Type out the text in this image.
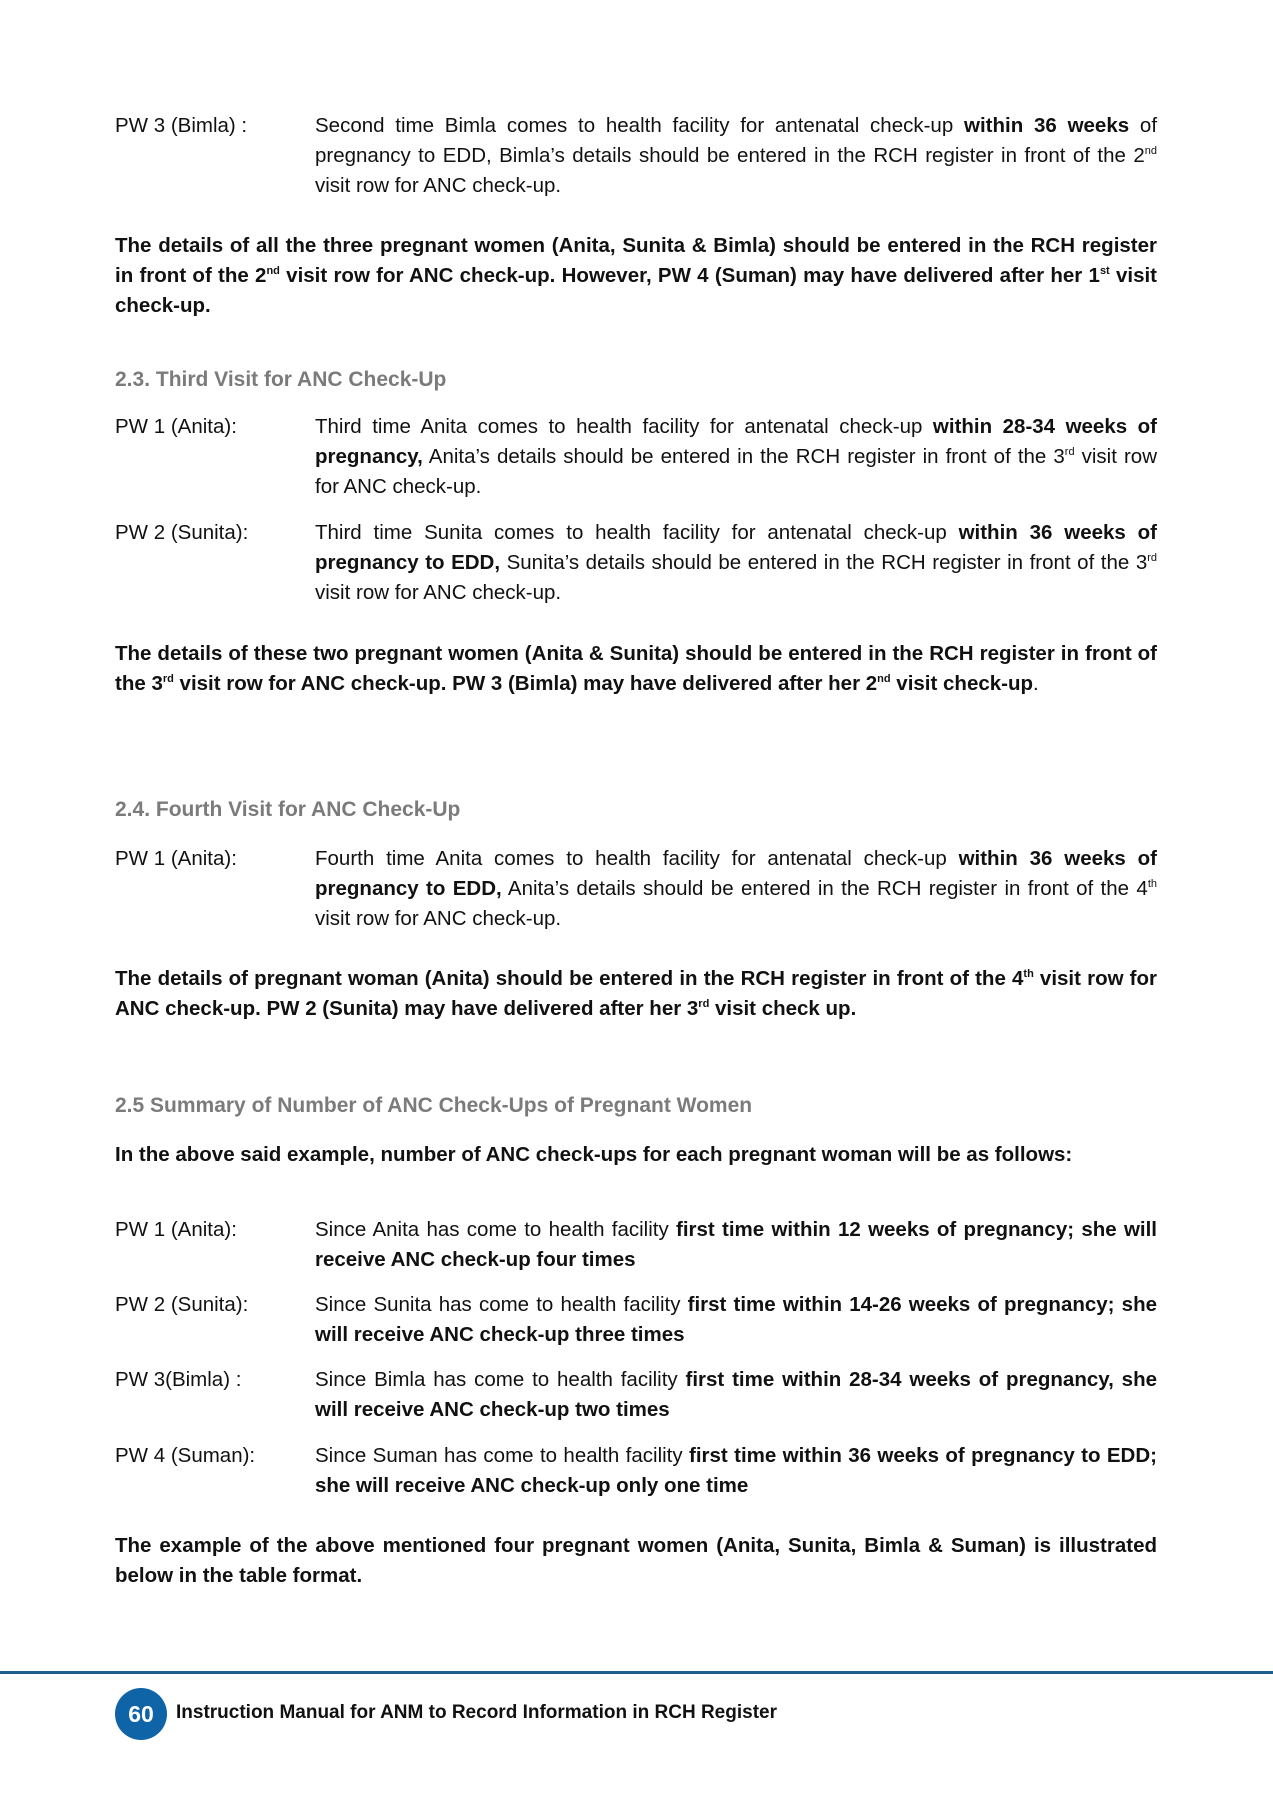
PW 3 (Bimla) :	Second time Bimla comes to health facility for antenatal check-up within 36 weeks of pregnancy to EDD, Bimla’s details should be entered in the RCH register in front of the 2nd visit row for ANC check-up.
The details of all the three pregnant women (Anita, Sunita & Bimla) should be entered in the RCH register in front of the 2nd visit row for ANC check-up. However, PW 4 (Suman) may have delivered after her 1st visit check-up.
2.3. Third Visit for ANC Check-Up
PW 1 (Anita):	Third time Anita comes to health facility for antenatal check-up within 28-34 weeks of pregnancy, Anita’s details should be entered in the RCH register in front of the 3rd visit row for ANC check-up.
PW 2 (Sunita):	Third time Sunita comes to health facility for antenatal check-up within 36 weeks of pregnancy to EDD, Sunita’s details should be entered in the RCH register in front of the 3rd visit row for ANC check-up.
The details of these two pregnant women (Anita & Sunita) should be entered in the RCH register in front of the 3rd visit row for ANC check-up. PW 3 (Bimla) may have delivered after her 2nd visit check-up.
2.4. Fourth Visit for ANC Check-Up
PW 1 (Anita):	Fourth time Anita comes to health facility for antenatal check-up within 36 weeks of pregnancy to EDD, Anita’s details should be entered in the RCH register in front of the 4th visit row for ANC check-up.
The details of pregnant woman (Anita) should be entered in the RCH register in front of the 4th visit row for ANC check-up. PW 2 (Sunita) may have delivered after her 3rd visit check up.
2.5 Summary of Number of ANC Check-Ups of Pregnant Women
In the above said example, number of ANC check-ups for each pregnant woman will be as follows:
PW 1 (Anita):	Since Anita has come to health facility first time within 12 weeks of pregnancy; she will receive ANC check-up four times
PW 2 (Sunita):	Since Sunita has come to health facility first time within 14-26 weeks of pregnancy; she will receive ANC check-up three times
PW 3(Bimla) :	Since Bimla has come to health facility first time within 28-34 weeks of pregnancy, she will receive ANC check-up two times
PW 4 (Suman):	Since Suman has come to health facility first time within 36 weeks of pregnancy to EDD; she will receive ANC check-up only one time
The example of the above mentioned four pregnant women (Anita, Sunita, Bimla & Suman) is illustrated below in the table format.
60	Instruction Manual for ANM to Record Information in RCH Register
